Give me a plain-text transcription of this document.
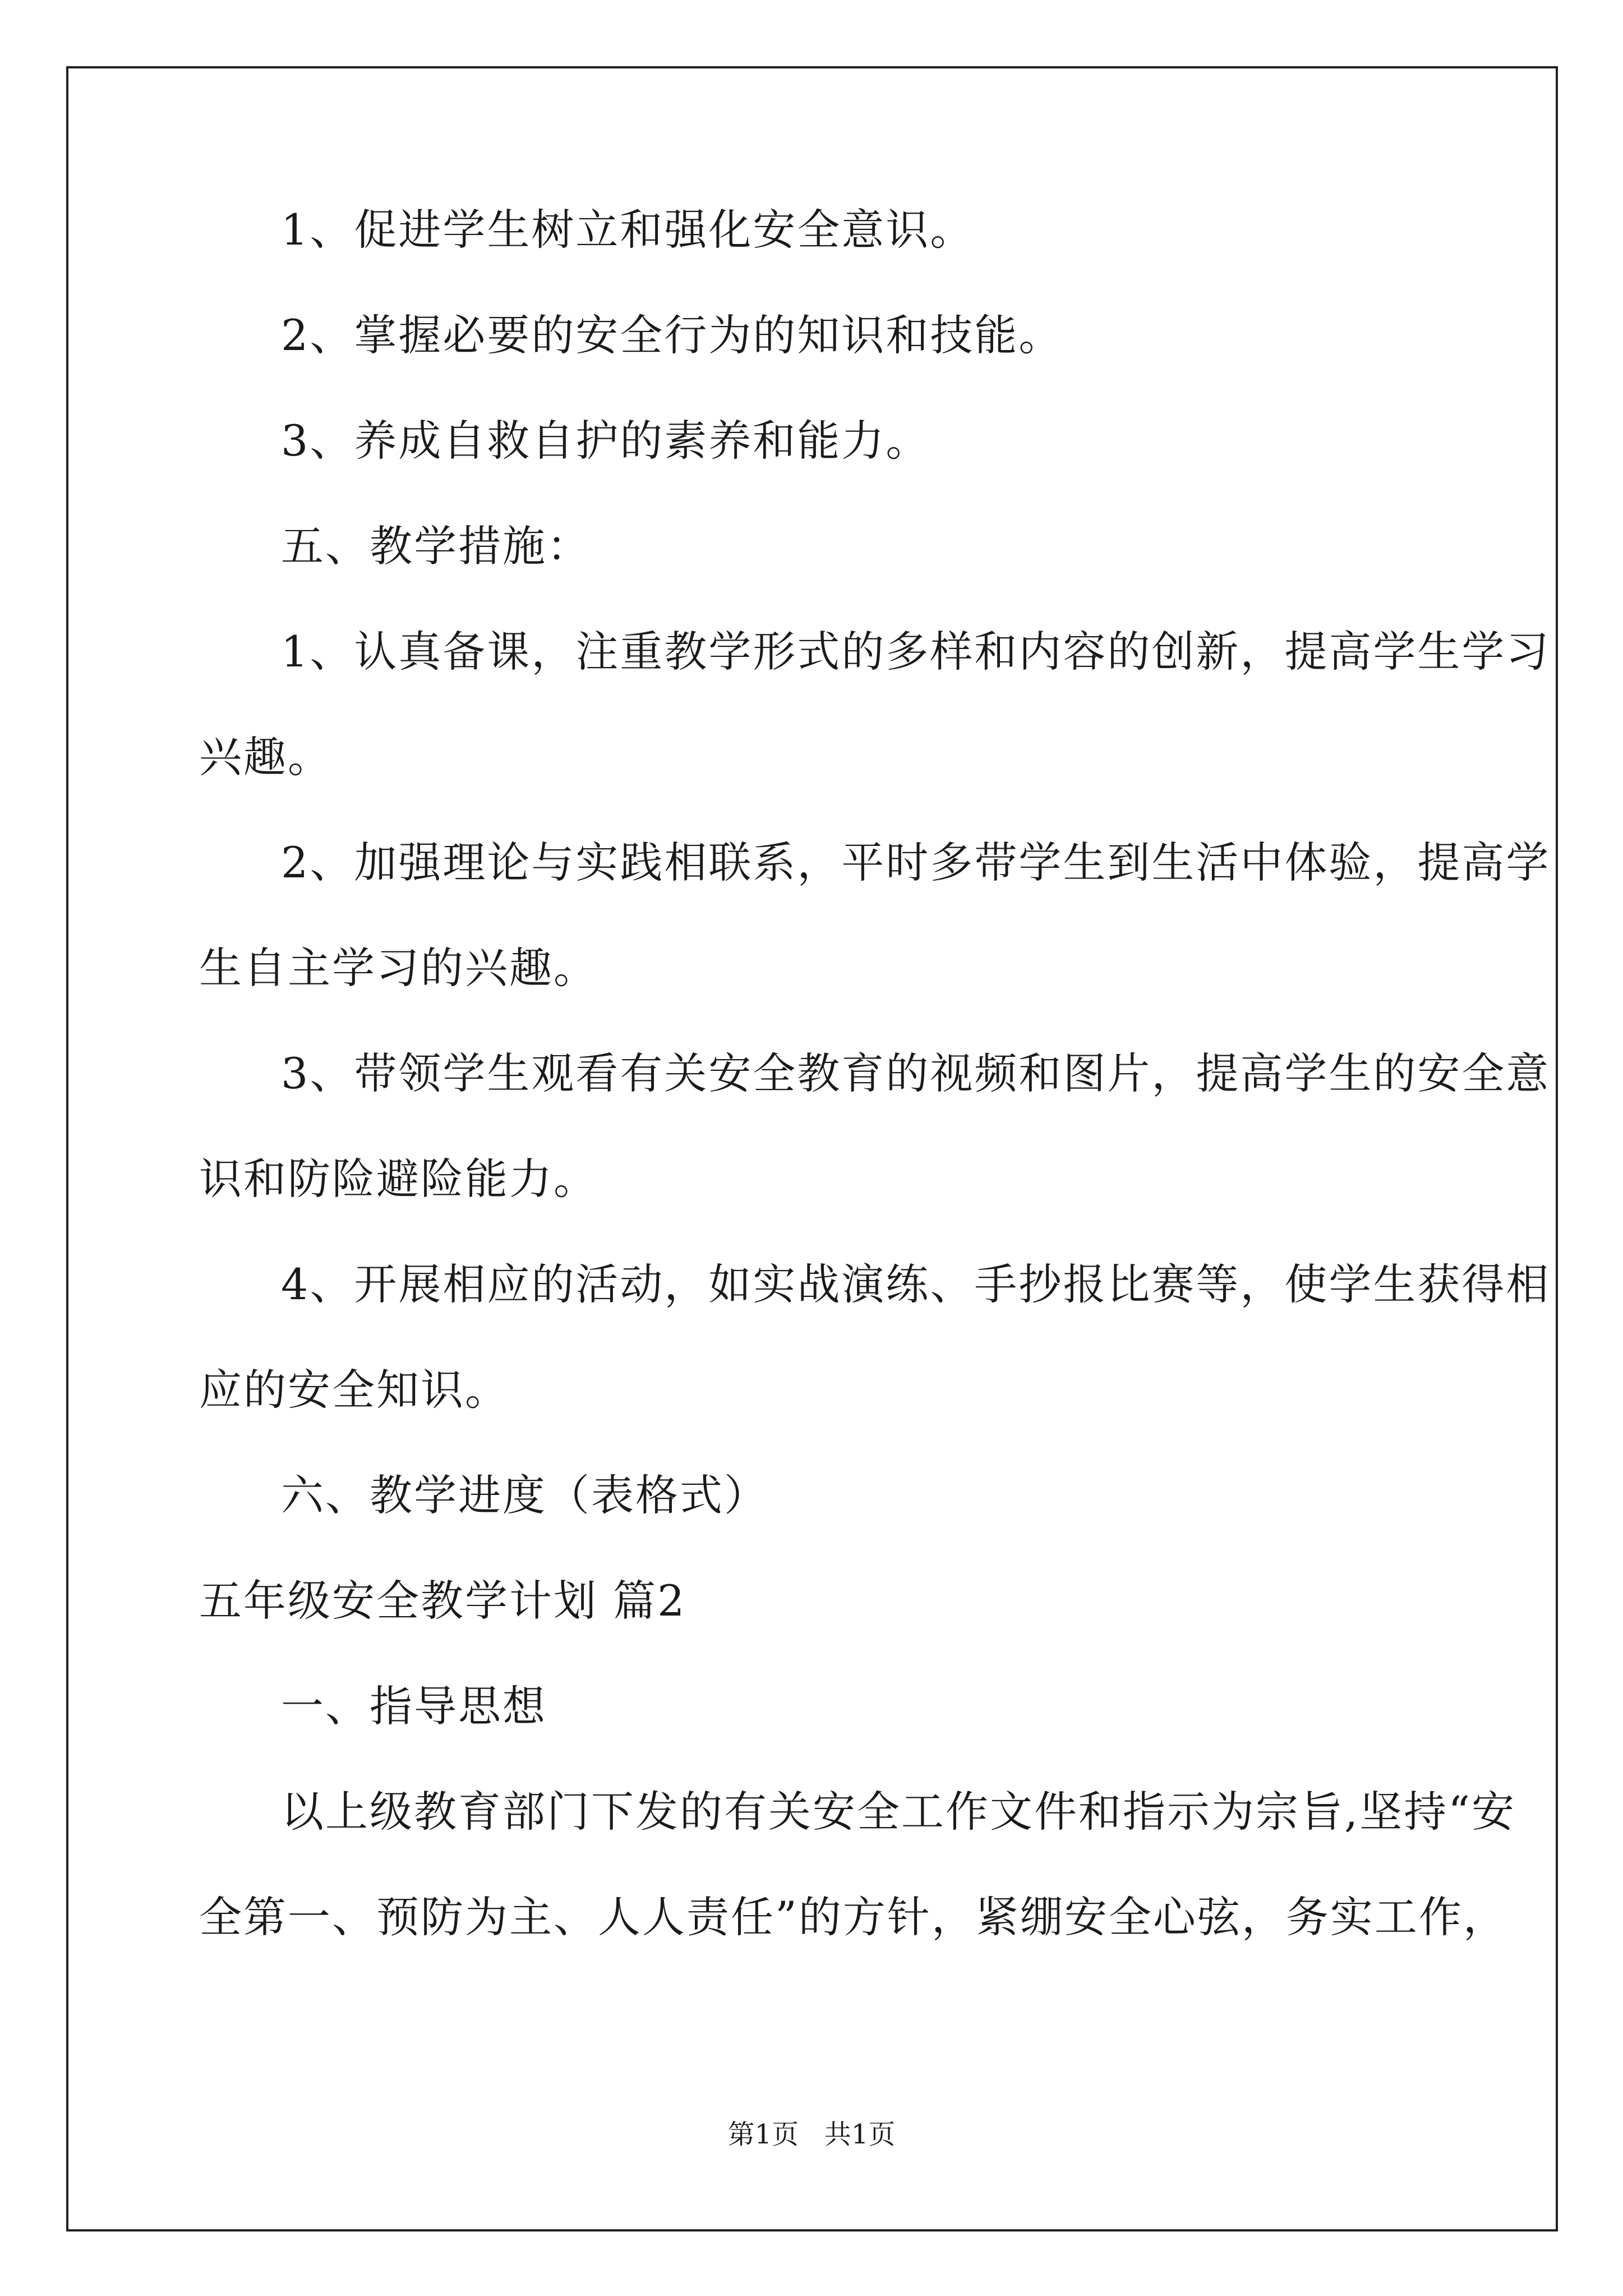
1、促进学生树立和强化安全意识。
2、掌握必要的安全行为的知识和技能。
3、养成自救自护的素养和能力。
五、教学措施：
1、认真备课，注重教学形式的多样和内容的创新，提高学生学习
兴趣。
2、加强理论与实践相联系，平时多带学生到生活中体验，提高学
生自主学习的兴趣。
3、带领学生观看有关安全教育的视频和图片，提高学生的安全意
识和防险避险能力。
4、开展相应的活动，如实战演练、手抄报比赛等，使学生获得相
应的安全知识。
六、教学进度（表格式）
五年级安全教学计划 篇2
一、指导思想
以上级教育部门下发的有关安全工作文件和指示为宗旨,坚持“安
全第一、预防为主、人人责任”的方针，紧绷安全心弦，务实工作，
第1页   共1页
